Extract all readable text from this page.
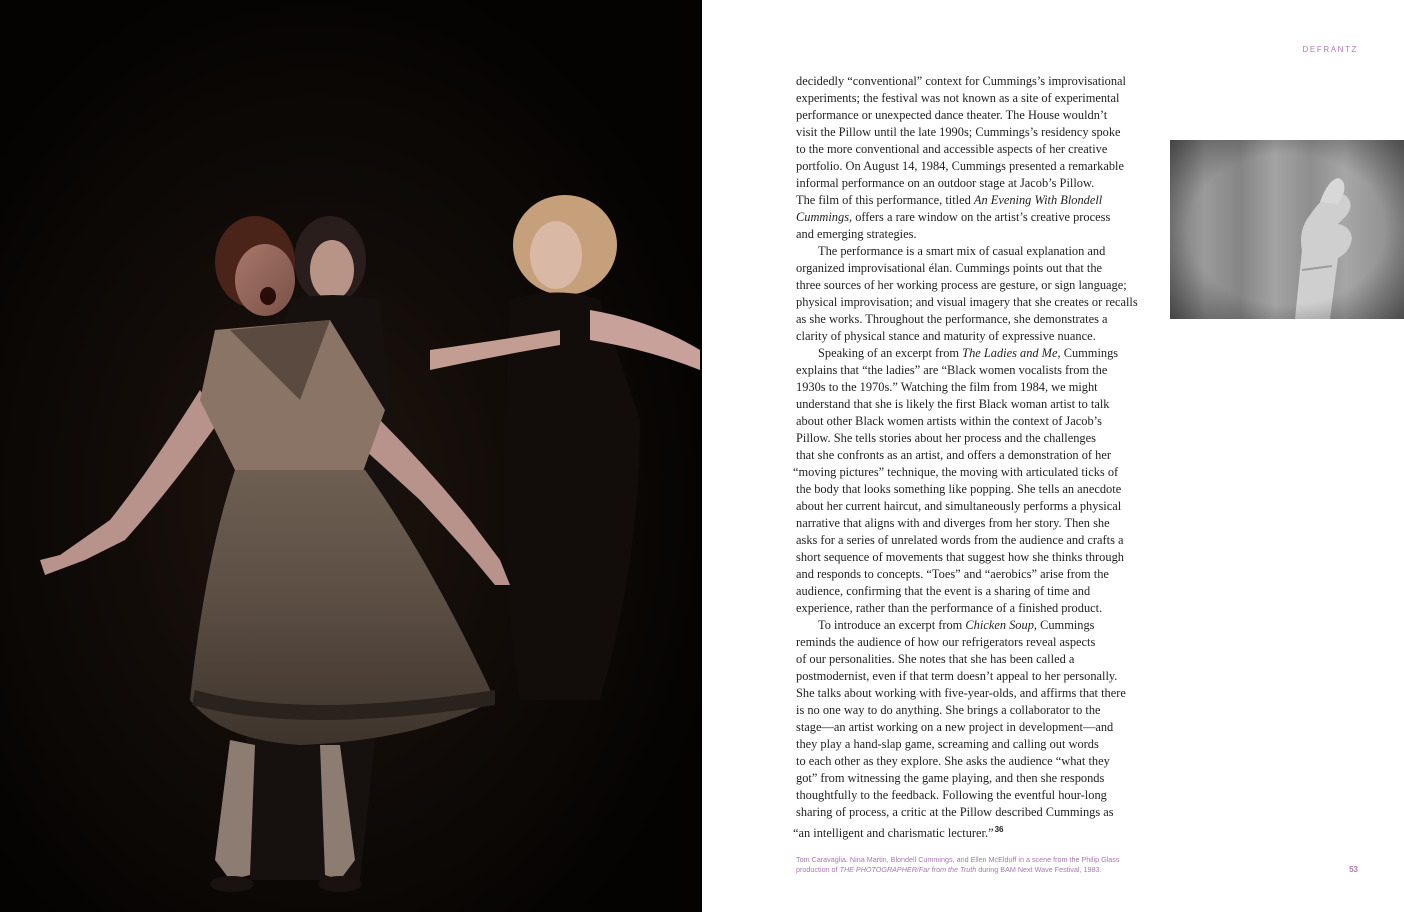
DEFRANTZ
decidedly “conventional” context for Cummings’s improvisational
experiments; the festival was not known as a site of experimental
performance or unexpected dance theater. The House wouldn’t
visit the Pillow until the late 1990s; Cummings’s residency spoke
to the more conventional and accessible aspects of her creative
portfolio. On August 14, 1984, Cummings presented a remarkable
informal performance on an outdoor stage at Jacob’s Pillow.
The film of this performance, titled An Evening With Blondell
Cummings, offers a rare window on the artist’s creative process
and emerging strategies.
The performance is a smart mix of casual explanation and
organized improvisational élan. Cummings points out that the
three sources of her working process are gesture, or sign language;
physical improvisation; and visual imagery that she creates or recalls
as she works. Throughout the performance, she demonstrates a
clarity of physical stance and maturity of expressive nuance.
Speaking of an excerpt from The Ladies and Me, Cummings
explains that “the ladies” are “Black women vocalists from the
1930s to the 1970s.” Watching the film from 1984, we might
understand that she is likely the first Black woman artist to talk
about other Black women artists within the context of Jacob’s
Pillow. She tells stories about her process and the challenges
that she confronts as an artist, and offers a demonstration of her
“moving pictures” technique, the moving with articulated ticks of
the body that looks something like popping. She tells an anecdote
about her current haircut, and simultaneously performs a physical
narrative that aligns with and diverges from her story. Then she
asks for a series of unrelated words from the audience and crafts a
short sequence of movements that suggest how she thinks through
and responds to concepts. “Toes” and “aerobics” arise from the
audience, confirming that the event is a sharing of time and
experience, rather than the performance of a finished product.
To introduce an excerpt from Chicken Soup, Cummings
reminds the audience of how our refrigerators reveal aspects
of our personalities. She notes that she has been called a
postmodernist, even if that term doesn’t appeal to her personally.
She talks about working with five-year-olds, and affirms that there
is no one way to do anything. She brings a collaborator to the
stage—an artist working on a new project in development—and
they play a hand-slap game, screaming and calling out words
to each other as they explore. She asks the audience “what they
got” from witnessing the game playing, and then she responds
thoughtfully to the feedback. Following the eventful hour-long
sharing of process, a critic at the Pillow described Cummings as
“an intelligent and charismatic lecturer.”$^{36}$
Tom Caravaglia. Nina Martin, Blondell Cummings, and Ellen McElduff in a scene from the Philip Glass
production of THE PHOTOGRAPHER/Far from the Truth during BAM Next Wave Festival, 1983.	53
